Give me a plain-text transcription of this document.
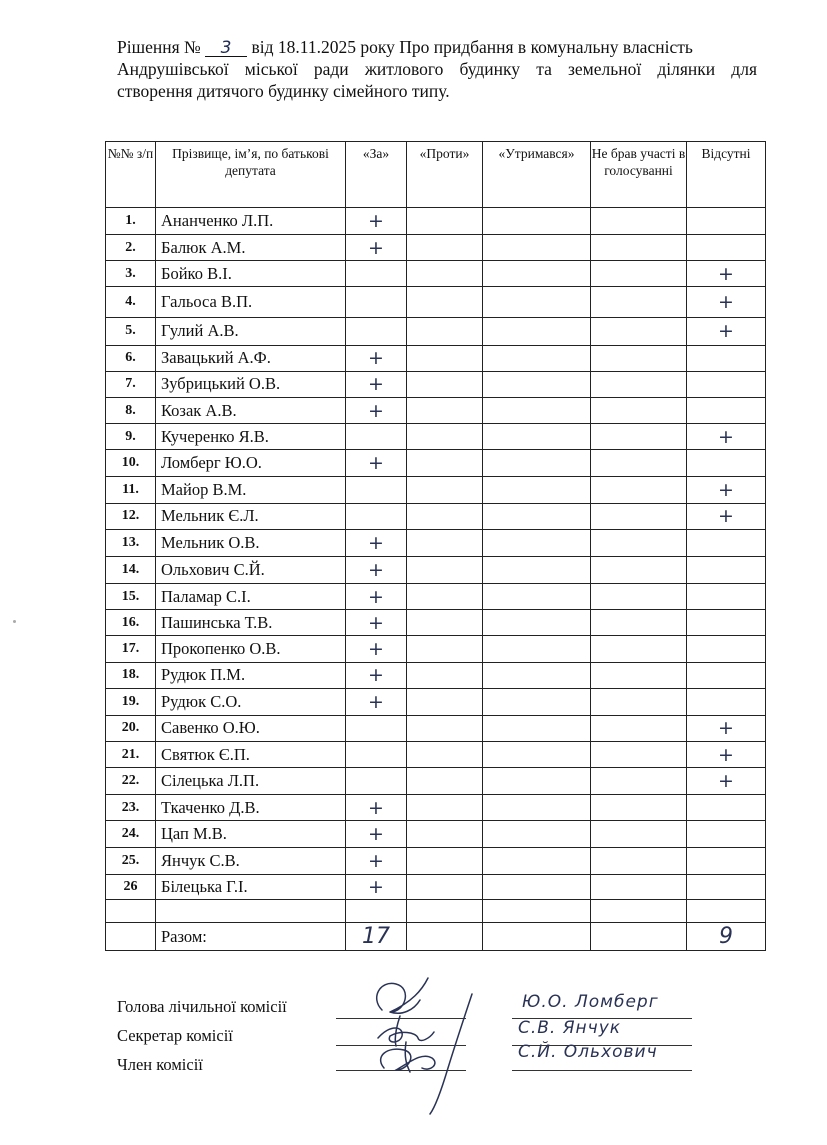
Рішення № 3 від 18.11.2025 року Про придбання в комунальну власність
Андрушівської міської ради житлового будинку та земельної ділянки для
створення дитячого будинку сімейного типу.
№№ з/п	Прізвище, ім’я, по батькові депутата	«За»	«Проти»	«Утримався»	Не брав участі в голосуванні	Відсутні
1.	Ананченко Л.П.	+				
2.	Балюк А.М.	+				
3.	Бойко В.І.					+
4.	Гальоса В.П.					+
5.	Гулий А.В.					+
6.	Завацький А.Ф.	+				
7.	Зубрицький О.В.	+				
8.	Козак А.В.	+				
9.	Кучеренко Я.В.					+
10.	Ломберг Ю.О.	+				
11.	Майор В.М.					+
12.	Мельник Є.Л.					+
13.	Мельник О.В.	+				
14.	Ольхович С.Й.	+				
15.	Паламар С.І.	+				
16.	Пашинська Т.В.	+				
17.	Прокопенко О.В.	+				
18.	Рудюк П.М.	+				
19.	Рудюк С.О.	+				
20.	Савенко О.Ю.					+
21.	Святюк Є.П.					+
22.	Сілецька Л.П.					+
23.	Ткаченко Д.В.	+				
24.	Цап М.В.	+				
25.	Янчук С.В.	+				
26	Білецька Г.І.	+				

	Разом:	17				9
Голова лічильної комісії
Секретар комісії
Член комісії
Ю.О. Ломберг
С.В. Янчук
С.Й. Ольхович
